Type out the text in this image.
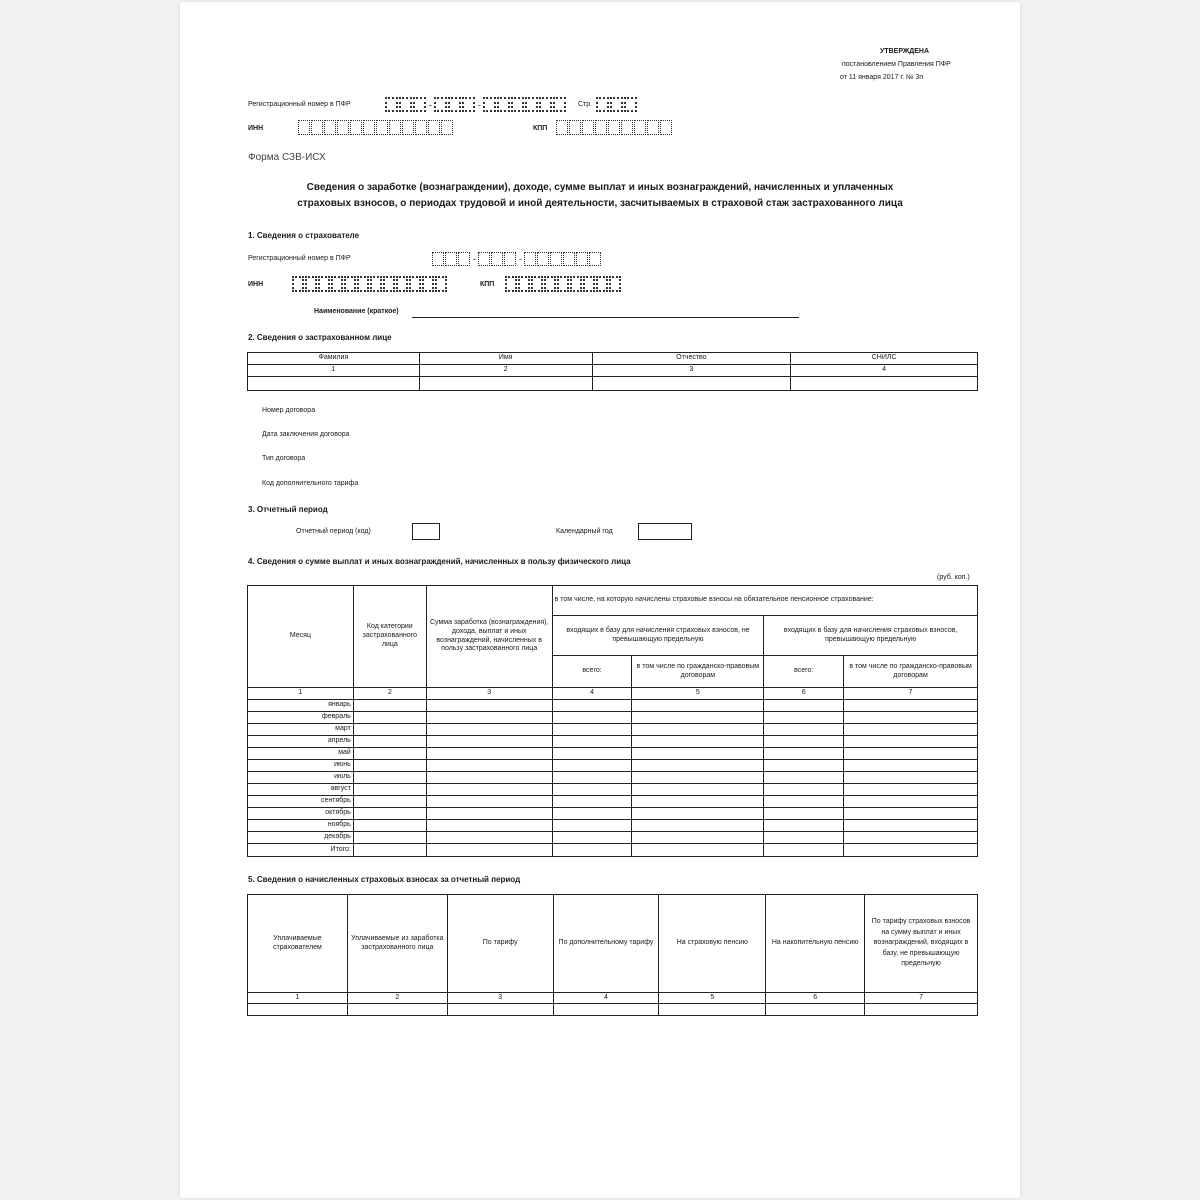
УТВЕРЖДЕНА
постановлением Правления ПФР
от 11 января 2017 г. № 3п
Регистрационный номер в ПФР	-	-	Стр.
ИНН	КПП
Форма СЗВ-ИСХ
Сведения о заработке (вознаграждении), доходе, сумме выплат и иных вознаграждений, начисленных и уплаченных
страховых взносов, о периодах трудовой и иной деятельности, засчитываемых в страховой стаж застрахованного лица
1. Сведения о страхователе
Регистрационный номер в ПФР	-	-
ИНН	КПП
Наименование (краткое)
2. Сведения о застрахованном лице
Фамилия	Имя	Отчество	СНИЛС
1	2	3	4

Номер договора
Дата заключения договора
Тип договора
Код дополнительного тарифа
3. Отчетный период
Отчетный период (код)	Календарный год
4. Сведения о сумме выплат и иных вознаграждений, начисленных в пользу физического лица
(руб. коп.)
Месяц	Код категории застрахованного лица	Сумма заработка (вознаграждения), дохода, выплат и иных вознаграждений, начисленных в пользу застрахованного лица	в том числе, на которую начислены страховые взносы на обязательное пенсионное страхование:			
			входящих в базу для начисления страховых взносов, не превышающую предельную		входящих в базу для начисления страховых взносов, превышающую предельную	
			всего:	в том числе по гражданско-правовым договорам	всего:	в том числе по гражданско-правовым договорам
1	2	3	4	5	6	7
январь						
февраль						
март						
апрель						
май						
июнь						
июль						
август						
сентябрь						
октябрь						
ноябрь						
декабрь						
Итого:						
5. Сведения о начисленных страховых взносах за отчетный период
Уплачиваемые страхователем	Уплачиваемые из заработка застрахованного лица	По тарифу	По дополнительному тарифу	На страховую пенсию	На накопительную пенсию	По тарифу страховых взносов на сумму выплат и иных вознаграждений, входящих в базу, не превышающую предельную
1	2	3	4	5	6	7
